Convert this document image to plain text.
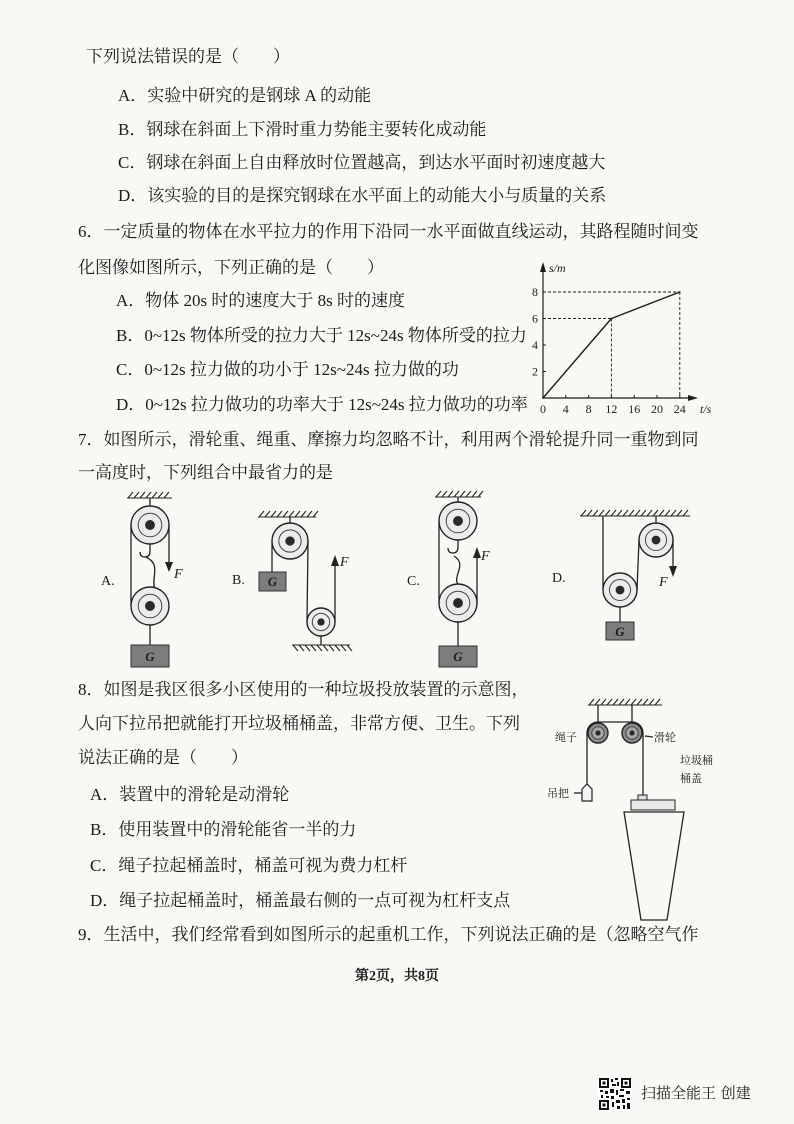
下列说法错误的是（　　）
A．实验中研究的是钢球 A 的动能
B．钢球在斜面上下滑时重力势能主要转化成动能
C．钢球在斜面上自由释放时位置越高，到达水平面时初速度越大
D．该实验的目的是探究钢球在水平面上的动能大小与质量的关系
6．一定质量的物体在水平拉力的作用下沿同一水平面做直线运动，其路程随时间变
化图像如图所示，下列正确的是（　　）
A．物体 20s 时的速度大于 8s 时的速度
B．0~12s 物体所受的拉力大于 12s~24s 物体所受的拉力
C．0~12s 拉力做的功小于 12s~24s 拉力做的功
D．0~12s 拉力做功的功率大于 12s~24s 拉力做功的功率 0 4 8 12 16 20 24
2
4
6
8
s/m
t/s
7．如图所示，滑轮重、绳重、摩擦力均忽略不计，利用两个滑轮提升同一重物到同
一高度时，下列组合中最省力的是
A.
G
F	B. G
F
C.
G
F
D.
G
F
8．如图是我区很多小区使用的一种垃圾投放装置的示意图，
人向下拉吊把就能打开垃圾桶桶盖，非常方便、卫生。下列
说法正确的是（　　）
A．装置中的滑轮是动滑轮
B．使用装置中的滑轮能省一半的力
C．绳子拉起桶盖时，桶盖可视为费力杠杆
D．绳子拉起桶盖时，桶盖最右侧的一点可视为杠杆支点
绳子	滑轮
垃圾桶
桶盖
吊把
9．生活中，我们经常看到如图所示的起重机工作，下列说法正确的是（忽略空气作
第2页，共8页
扫描全能王 创建
